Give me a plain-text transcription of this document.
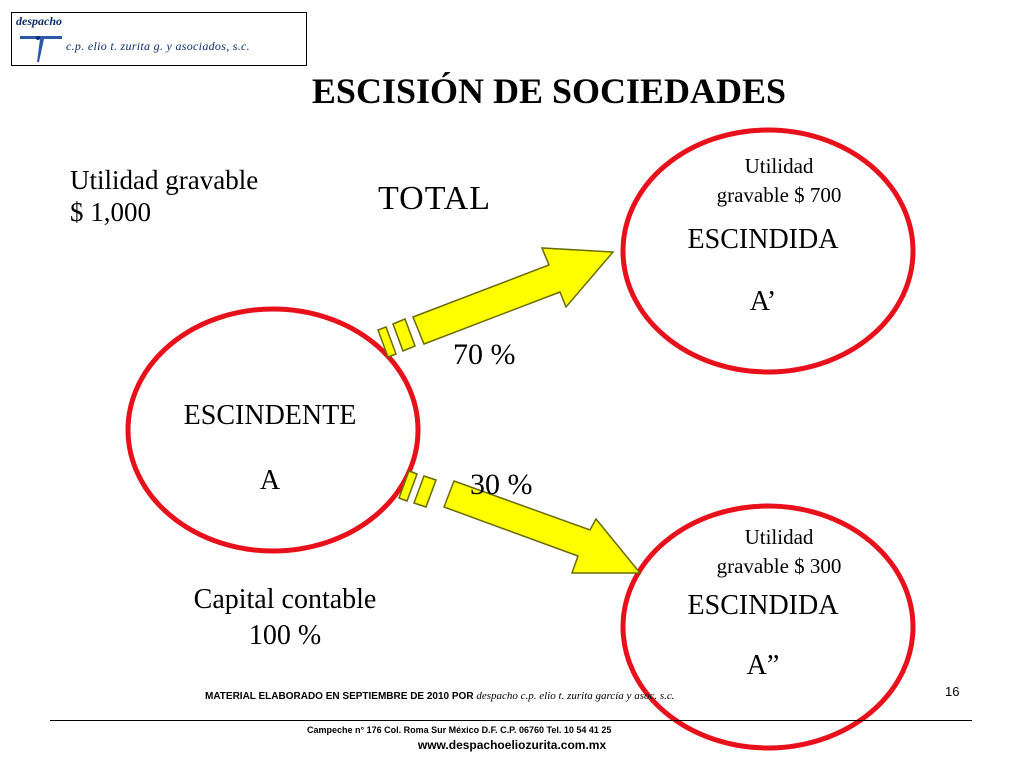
despacho
c.p. elio t. zurita g. y asociados, s.c.
ESCISIÓN DE SOCIEDADES
Utilidad gravable
$ 1,000	TOTAL
ESCINDENTE
A
Capital contable
100 %
70 %
30 %
Utilidad
gravable $ 700
ESCINDIDA
A’
Utilidad
gravable $ 300
ESCINDIDA
A”
16
MATERIAL ELABORADO EN SEPTIEMBRE DE 2010 POR despacho c.p. elio t. zurita garcía y asoc. s.c.
Campeche n° 176 Col. Roma Sur México D.F. C.P. 06760 Tel. 10 54 41 25
www.despachoeliozurita.com.mx
